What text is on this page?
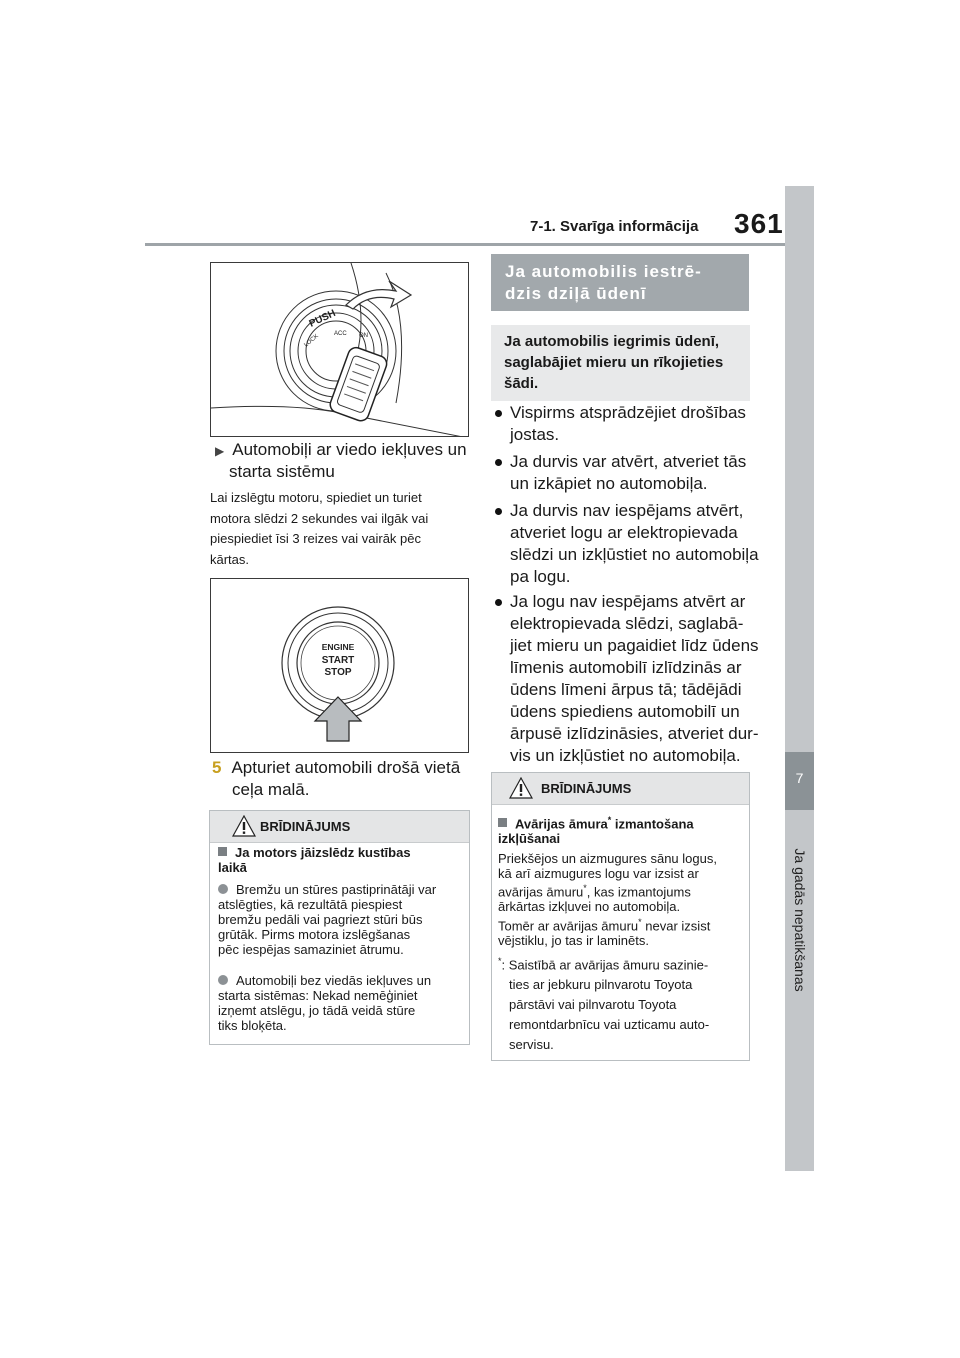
7-1. Svarīga informācija 361
7
Ja gadās nepatikšanas
PUSH
ACC
LOCK	ON
▶ Automobiļi ar viedo iekļuves un
starta sistēmu
Lai izslēgtu motoru, spiediet un turiet
motora slēdzi 2 sekundes vai ilgāk vai
piespiediet īsi 3 reizes vai vairāk pēc
kārtas.
ENGINE
START
STOP
5 Apturiet automobili drošā vietā
ceļa malā.
BRĪDINĀJUMS
Ja motors jāizslēdz kustības
laikā
Bremžu un stūres pastiprinātāji var
atslēgties, kā rezultātā piespiest
bremžu pedāli vai pagriezt stūri būs
grūtāk. Pirms motora izslēgšanas
pēc iespējas samaziniet ātrumu.
Automobiļi bez viedās iekļuves un
starta sistēmas: Nekad nemēģiniet
izņemt atslēgu, jo tādā veidā stūre
tiks bloķēta.
Ja automobilis iestrē-
dzis dziļā ūdenī
Ja automobilis iegrimis ūdenī,
saglabājiet mieru un rīkojieties
šādi.
Vispirms atsprādzējiet drošības
jostas.
Ja durvis var atvērt, atveriet tās
un izkāpiet no automobiļa.
Ja durvis nav iespējams atvērt,
atveriet logu ar elektropievada
slēdzi un izkļūstiet no automobiļa
pa logu.
Ja logu nav iespējams atvērt ar
elektropievada slēdzi, saglabā-
jiet mieru un pagaidiet līdz ūdens
līmenis automobilī izlīdzinās ar
ūdens līmeni ārpus tā; tādējādi
ūdens spiediens automobilī un
ārpusē izlīdzināsies, atveriet dur-
vis un izkļūstiet no automobiļa.
BRĪDINĀJUMS
Avārijas āmura* izmantošana
izkļūšanai
Priekšējos un aizmugures sānu logus,
kā arī aizmugures logu var izsist ar
avārijas āmuru*, kas izmantojums
ārkārtas izkļuvei no automobiļa.
Tomēr ar avārijas āmuru* nevar izsist
vējstiklu, jo tas ir laminēts.
*: Saistībā ar avārijas āmuru sazinie-
ties ar jebkuru pilnvarotu Toyota
pārstāvi vai pilnvarotu Toyota
remontdarbnīcu vai uzticamu auto-
servisu.
